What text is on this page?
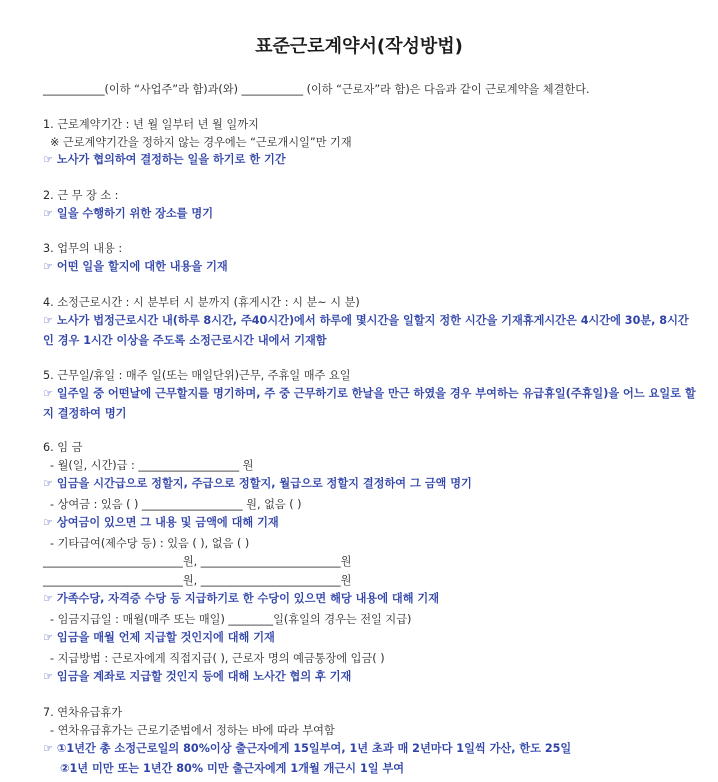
표준근로계약서(작성방법)
___________(이하 “사업주”라 함)과(와) ___________ (이하 “근로자”라 함)은 다음과 같이 근로계약을 체결한다.
1. 근로계약기간 : 년 월 일부터 년 월 일까지
※ 근로계약기간을 정하지 않는 경우에는 “근로개시일”만 기재
☞ 노사가 협의하여 결정하는 일을 하기로 한 기간
2. 근 무 장 소 :
☞ 일을 수행하기 위한 장소를 명기
3. 업무의 내용 :
☞ 어떤 일을 할지에 대한 내용을 기재
4. 소정근로시간 : 시 분부터 시 분까지 (휴게시간 : 시 분~ 시 분)
☞ 노사가 법정근로시간 내(하루 8시간, 주40시간)에서 하루에 몇시간을 일할지 정한 시간을 기재휴게시간은 4시간에 30분, 8시간인 경우 1시간 이상을 주도록 소정근로시간 내에서 기재함
5. 근무일/휴일 : 매주 일(또는 매일단위)근무, 주휴일 매주 요일
☞ 일주일 중 어떤날에 근무할지를 명기하며, 주 중 근무하기로 한날을 만근 하였을 경우 부여하는 유급휴일(주휴일)을 어느 요일로 할지 결정하여 명기
6. 임 금
- 월(일, 시간)급 : __________________ 원
☞ 임금을 시간급으로 정할지, 주급으로 정할지, 월급으로 정할지 결정하여 그 금액 명기
- 상여금 : 있음 ( ) __________________ 원, 없음 ( )
☞ 상여금이 있으면 그 내용 및 금액에 대해 기재
- 기타급여(제수당 등) : 있음 ( ), 없음 ( )
_________________________원, _________________________원
_________________________원, _________________________원
☞ 가족수당, 자격증 수당 등 지급하기로 한 수당이 있으면 해당 내용에 대해 기재
- 임금지급일 : 매월(매주 또는 매일) ________일(휴일의 경우는 전일 지급)
☞ 임금을 매월 언제 지급할 것인지에 대해 기재
- 지급방법 : 근로자에게 직접지급( ), 근로자 명의 예금통장에 입금( )
☞ 임금을 계좌로 지급할 것인지 등에 대해 노사간 협의 후 기재
7. 연차유급휴가
- 연차유급휴가는 근로기준법에서 정하는 바에 따라 부여함
☞ ①1년간 총 소정근로일의 80%이상 출근자에게 15일부여, 1년 초과 매 2년마다 1일씩 가산, 한도 25일
②1년 미만 또는 1년간 80% 미만 출근자에게 1개월 개근시 1일 부여
